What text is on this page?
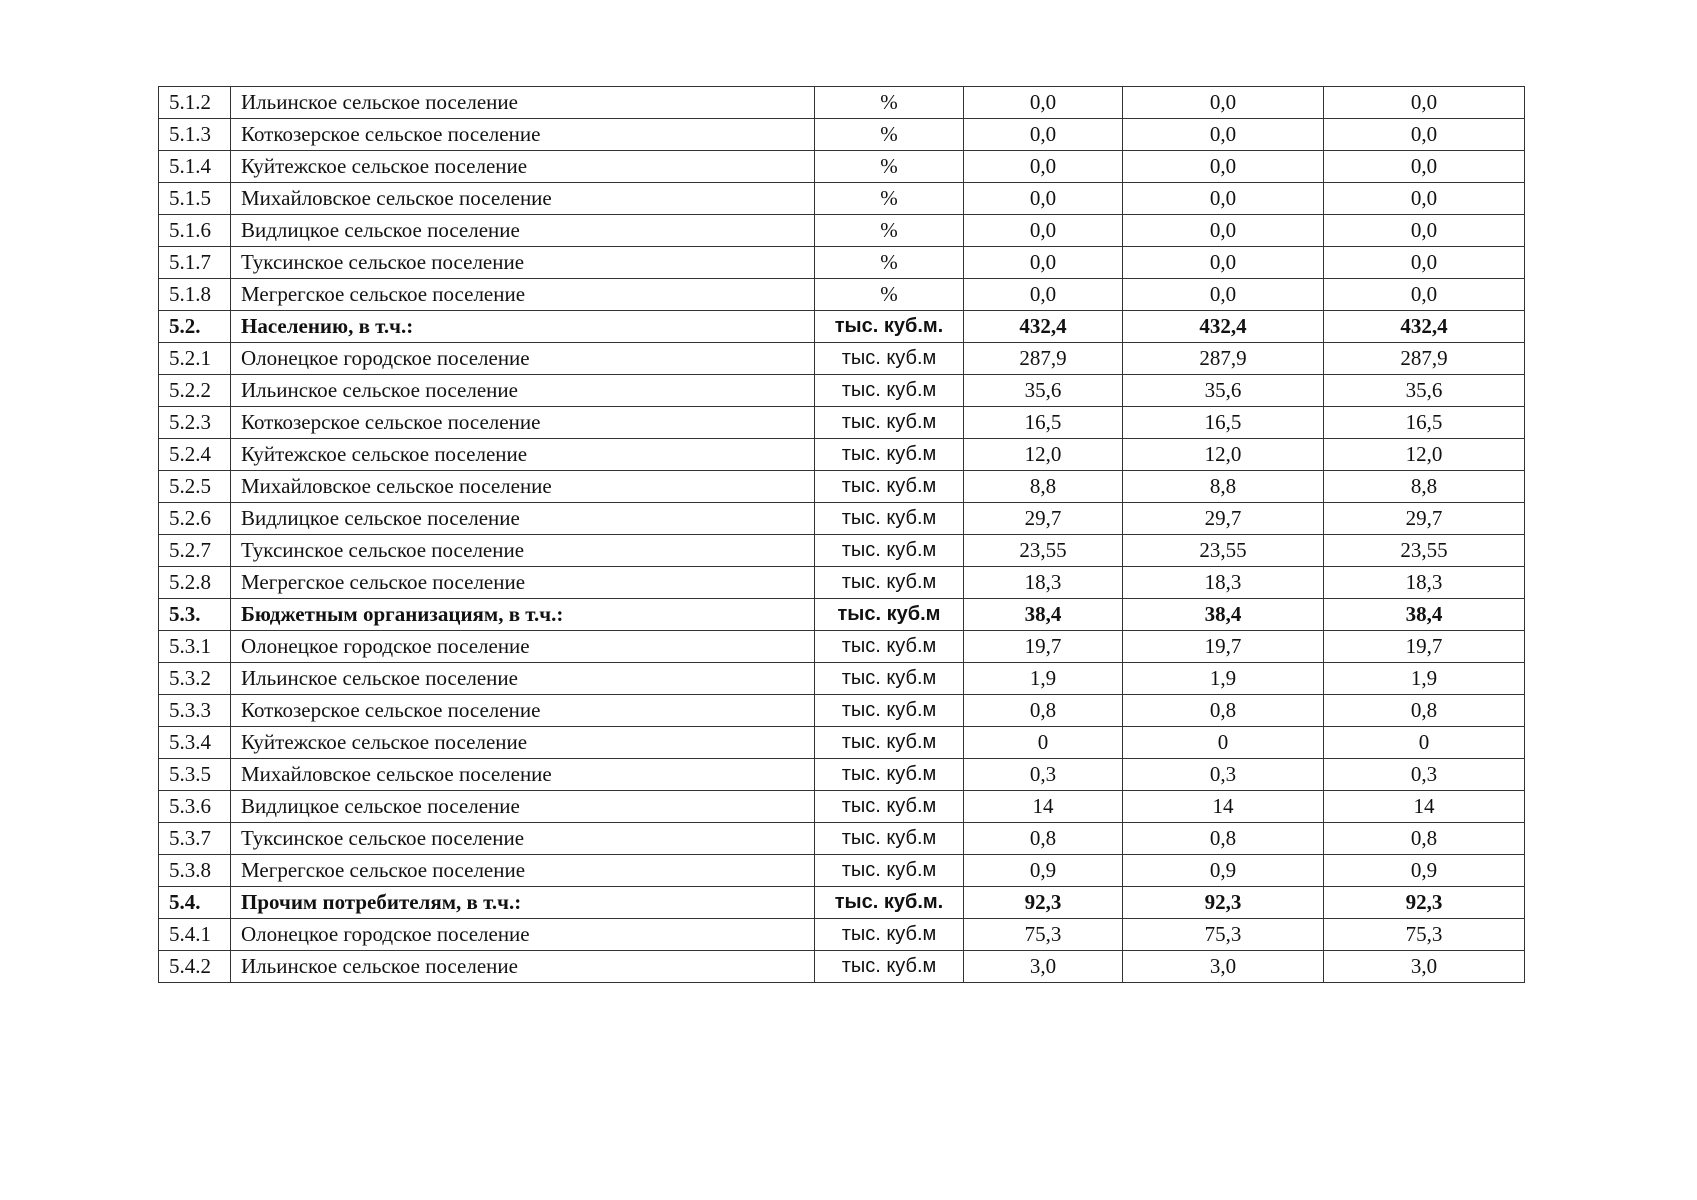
5.1.2	Ильинское сельское поселение	%	0,0	0,0	0,0
5.1.3	Коткозерское сельское поселение	%	0,0	0,0	0,0
5.1.4	Куйтежское сельское поселение	%	0,0	0,0	0,0
5.1.5	Михайловское сельское поселение	%	0,0	0,0	0,0
5.1.6	Видлицкое сельское поселение	%	0,0	0,0	0,0
5.1.7	Туксинское сельское поселение	%	0,0	0,0	0,0
5.1.8	Мегрегское сельское поселение	%	0,0	0,0	0,0
5.2.	Населению, в т.ч.:	тыс. куб.м.	432,4	432,4	432,4
5.2.1	Олонецкое городское поселение	тыс. куб.м	287,9	287,9	287,9
5.2.2	Ильинское сельское поселение	тыс. куб.м	35,6	35,6	35,6
5.2.3	Коткозерское сельское поселение	тыс. куб.м	16,5	16,5	16,5
5.2.4	Куйтежское сельское поселение	тыс. куб.м	12,0	12,0	12,0
5.2.5	Михайловское сельское поселение	тыс. куб.м	8,8	8,8	8,8
5.2.6	Видлицкое сельское поселение	тыс. куб.м	29,7	29,7	29,7
5.2.7	Туксинское сельское поселение	тыс. куб.м	23,55	23,55	23,55
5.2.8	Мегрегское сельское поселение	тыс. куб.м	18,3	18,3	18,3
5.3.	Бюджетным организациям, в т.ч.:	тыс. куб.м	38,4	38,4	38,4
5.3.1	Олонецкое городское поселение	тыс. куб.м	19,7	19,7	19,7
5.3.2	Ильинское сельское поселение	тыс. куб.м	1,9	1,9	1,9
5.3.3	Коткозерское сельское поселение	тыс. куб.м	0,8	0,8	0,8
5.3.4	Куйтежское сельское поселение	тыс. куб.м	0	0	0
5.3.5	Михайловское сельское поселение	тыс. куб.м	0,3	0,3	0,3
5.3.6	Видлицкое сельское поселение	тыс. куб.м	14	14	14
5.3.7	Туксинское сельское поселение	тыс. куб.м	0,8	0,8	0,8
5.3.8	Мегрегское сельское поселение	тыс. куб.м	0,9	0,9	0,9
5.4.	Прочим потребителям, в т.ч.:	тыс. куб.м.	92,3	92,3	92,3
5.4.1	Олонецкое городское поселение	тыс. куб.м	75,3	75,3	75,3
5.4.2	Ильинское сельское поселение	тыс. куб.м	3,0	3,0	3,0
